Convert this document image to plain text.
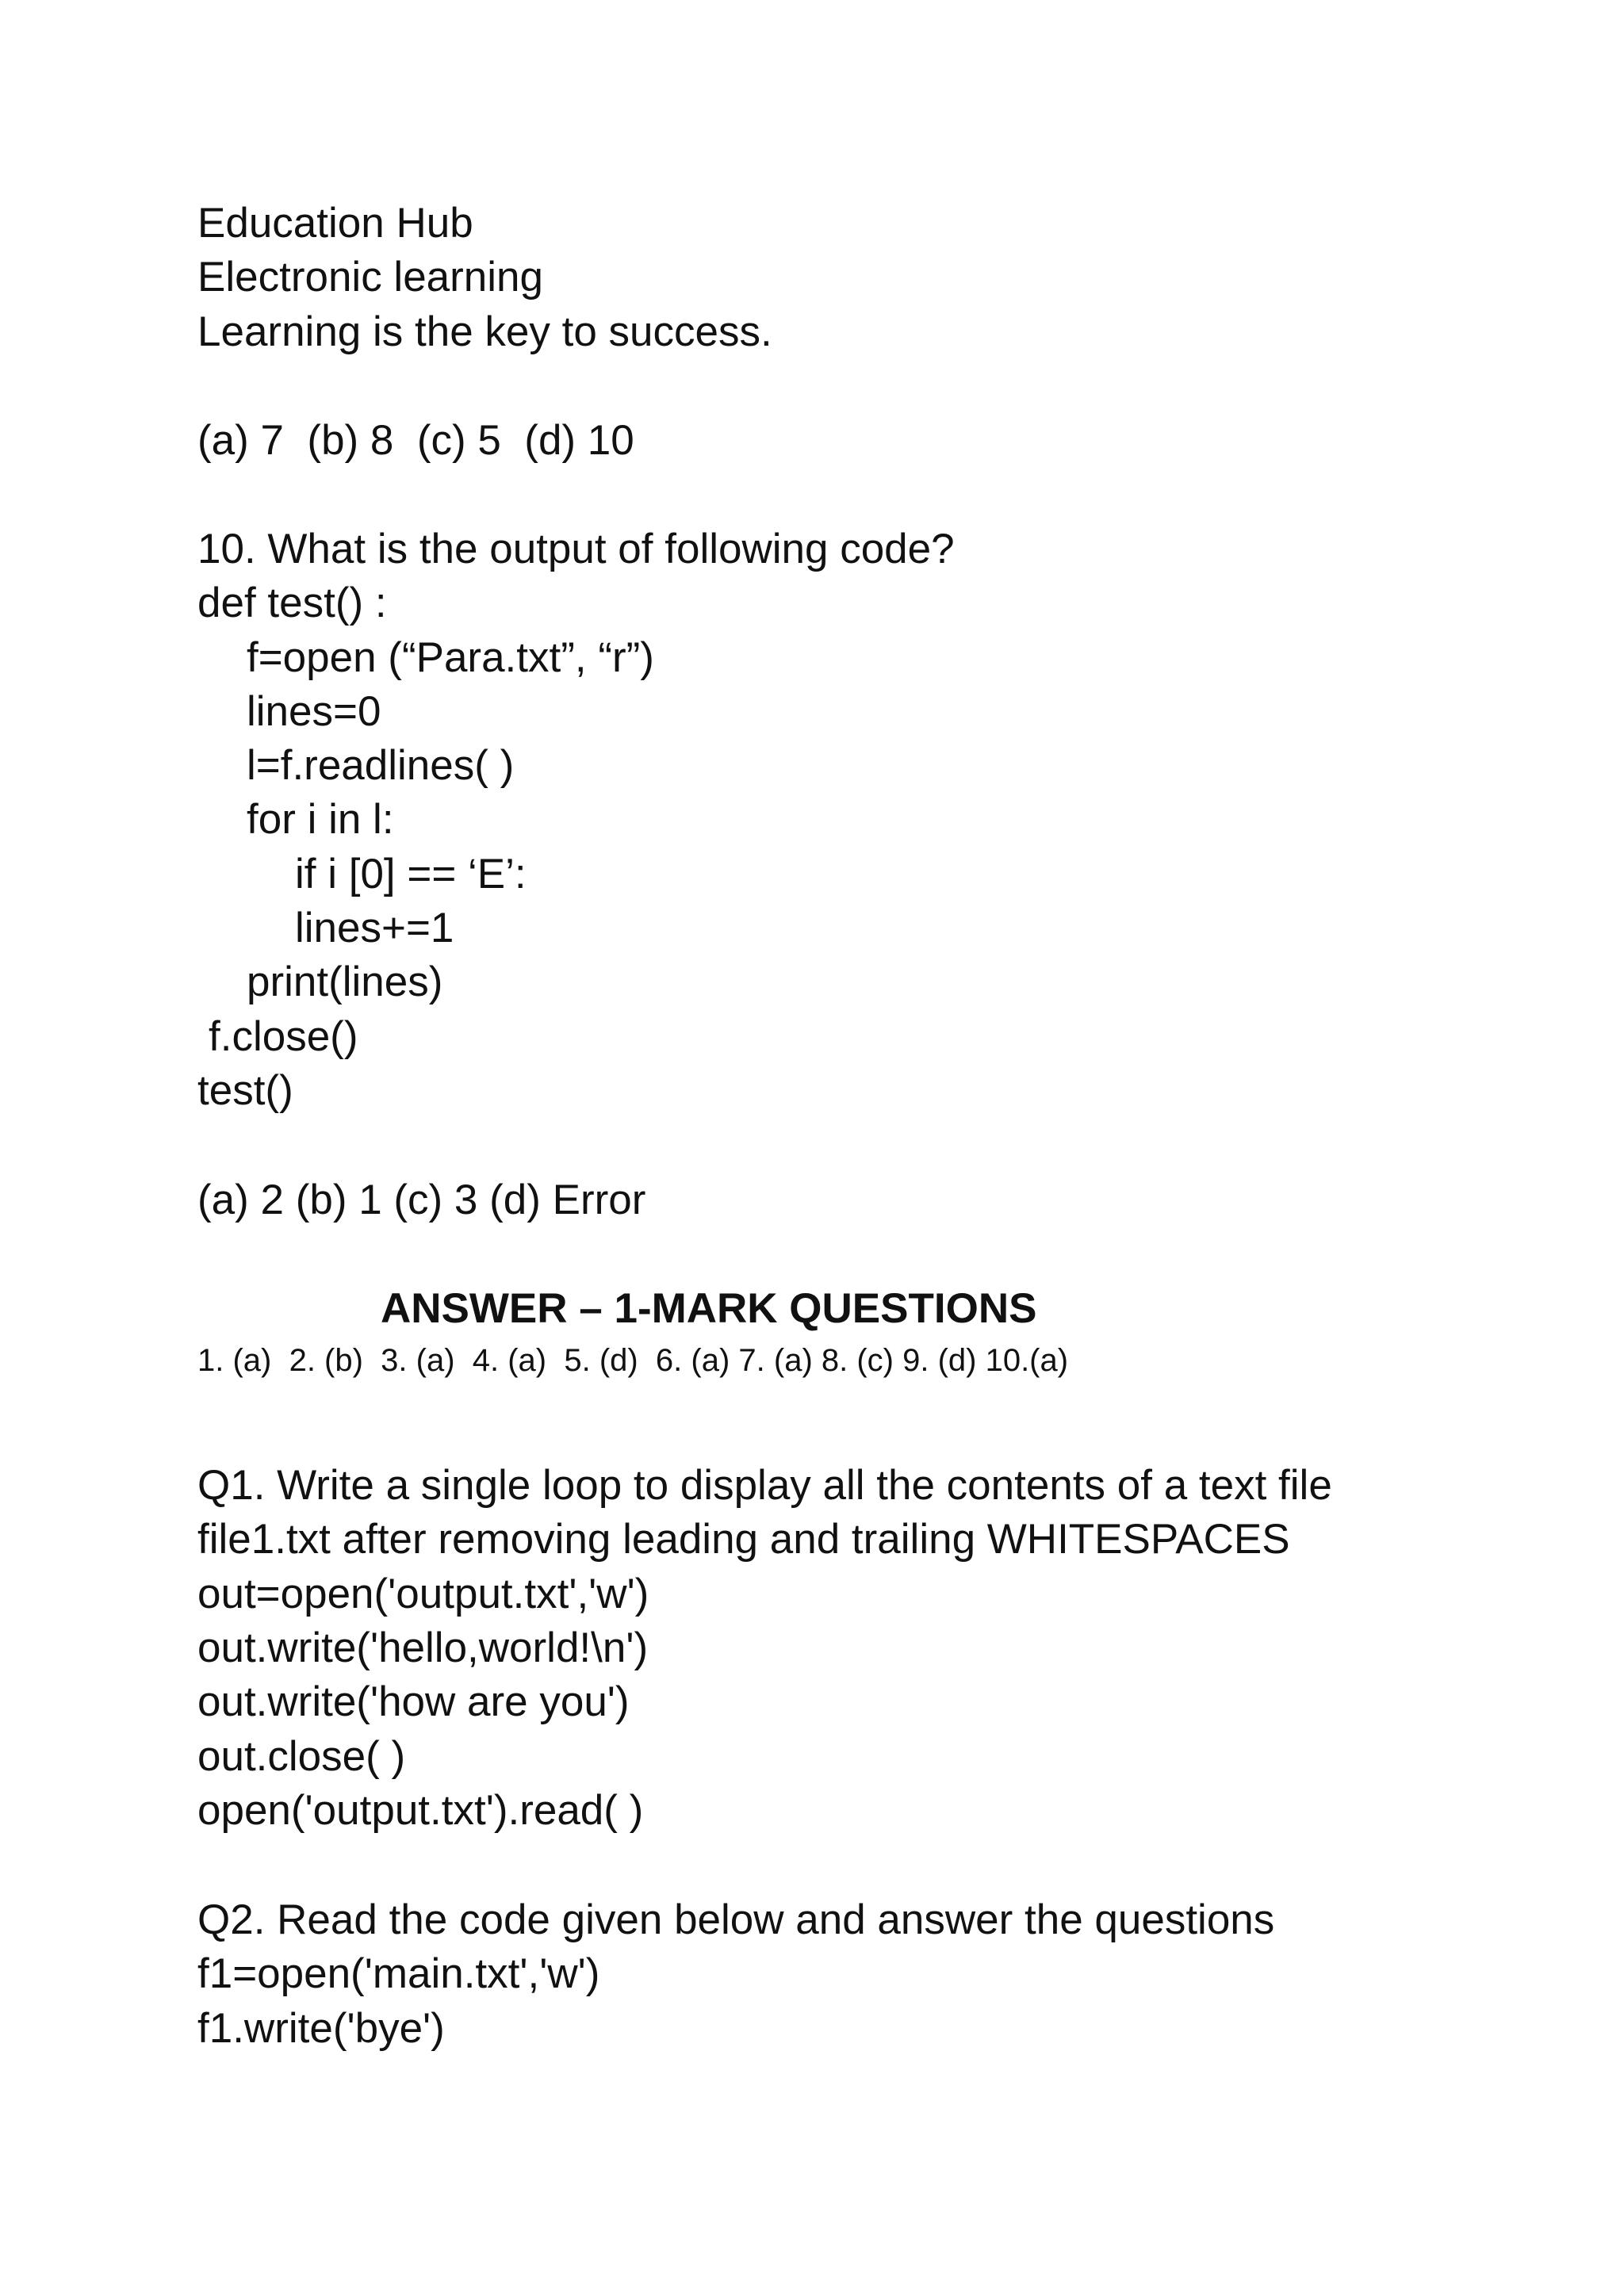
Education Hub
Electronic learning
Learning is the key to success.
(a) 7  (b) 8  (c) 5  (d) 10
10. What is the output of following code?
def test() :
f=open (“Para.txt”, “r”)
lines=0
l=f.readlines( )
for i in l:
if i [0] == ‘E’:
lines+=1
print(lines)
f.close()
test()
(a) 2 (b) 1 (c) 3 (d) Error
ANSWER – 1-MARK QUESTIONS
1. (a)  2. (b)  3. (a)  4. (a)  5. (d)  6. (a) 7. (a) 8. (c) 9. (d) 10.(a)
Q1. Write a single loop to display all the contents of a text file
file1.txt after removing leading and trailing WHITESPACES
out=open('output.txt','w')
out.write('hello,world!\n')
out.write('how are you')
out.close( )
open('output.txt').read( )
Q2. Read the code given below and answer the questions
f1=open('main.txt','w')
f1.write('bye')
